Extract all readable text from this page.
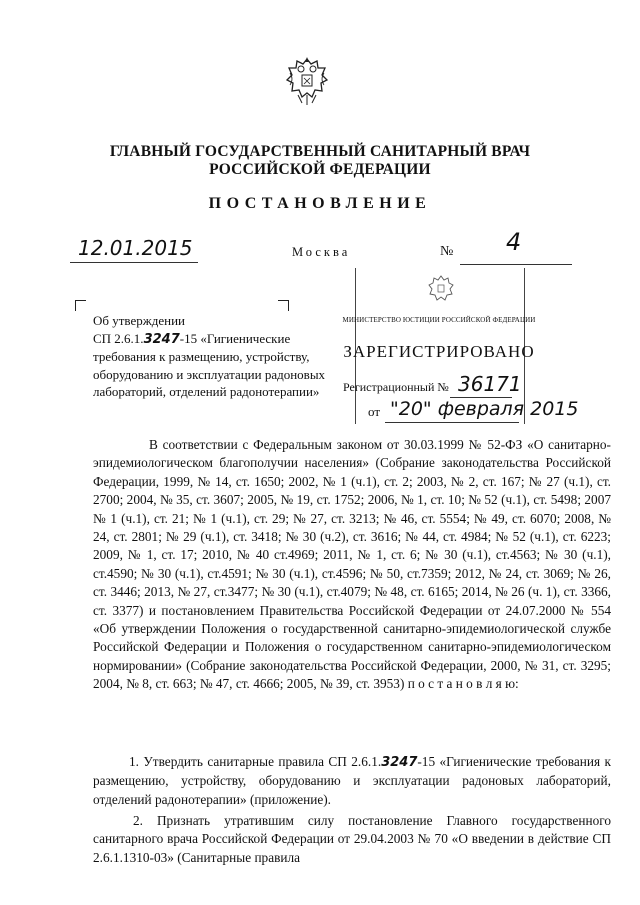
ГЛАВНЫЙ ГОСУДАРСТВЕННЫЙ САНИТАРНЫЙ ВРАЧ
РОССИЙСКОЙ ФЕДЕРАЦИИ
ПОСТАНОВЛЕНИЕ
12.01.2015	Москва	№ 4
Об утверждении
СП 2.6.1.3247-15 «Гигиенические
требования к размещению, устройству,
оборудованию и эксплуатации радоновых
лабораторий, отделений радонотерапии»
МИНИСТЕРСТВО ЮСТИЦИИ РОССИЙСКОЙ ФЕДЕРАЦИИ
ЗАРЕГИСТРИРОВАНО
Регистрационный № 36171
от "20" февраля 2015
В соответствии с Федеральным законом от 30.03.1999 № 52-ФЗ «О санитарно-эпидемиологическом благополучии населения» (Собрание законодательства Российской Федерации, 1999, № 14, ст. 1650; 2002, № 1 (ч.1), ст. 2; 2003, № 2, ст. 167; № 27 (ч.1), ст. 2700; 2004, № 35, ст. 3607; 2005, № 19, ст. 1752; 2006, № 1, ст. 10; № 52 (ч.1), ст. 5498; 2007 № 1 (ч.1), ст. 21; № 1 (ч.1), ст. 29; № 27, ст. 3213; № 46, ст. 5554; № 49, ст. 6070; 2008, № 24, ст. 2801; № 29 (ч.1), ст. 3418; № 30 (ч.2), ст. 3616; № 44, ст. 4984; № 52 (ч.1), ст. 6223; 2009, № 1, ст. 17; 2010, № 40 ст.4969; 2011, № 1, ст. 6; № 30 (ч.1), ст.4563; № 30 (ч.1), ст.4590; № 30 (ч.1), ст.4591; № 30 (ч.1), ст.4596; № 50, ст.7359; 2012, № 24, ст. 3069; № 26, ст. 3446; 2013, № 27, ст.3477; № 30 (ч.1), ст.4079; № 48, ст. 6165; 2014, № 26 (ч. 1), ст. 3366, ст. 3377) и постановлением Правительства Российской Федерации от 24.07.2000 № 554 «Об утверждении Положения о государственной санитарно-эпидемиологической службе Российской Федерации и Положения о государственном санитарно-эпидемиологическом нормировании» (Собрание законодательства Российской Федерации, 2000, № 31, ст. 3295; 2004, № 8, ст. 663; № 47, ст. 4666; 2005, № 39, ст. 3953) п о с т а н о в л я ю:
1. Утвердить санитарные правила СП 2.6.1.3247-15 «Гигиенические требования к размещению, устройству, оборудованию и эксплуатации радоновых лабораторий, отделений радонотерапии» (приложение).
2. Признать утратившим силу постановление Главного государственного санитарного врача Российской Федерации от 29.04.2003 № 70 «О введении в действие СП 2.6.1.1310-03» (Санитарные правила
